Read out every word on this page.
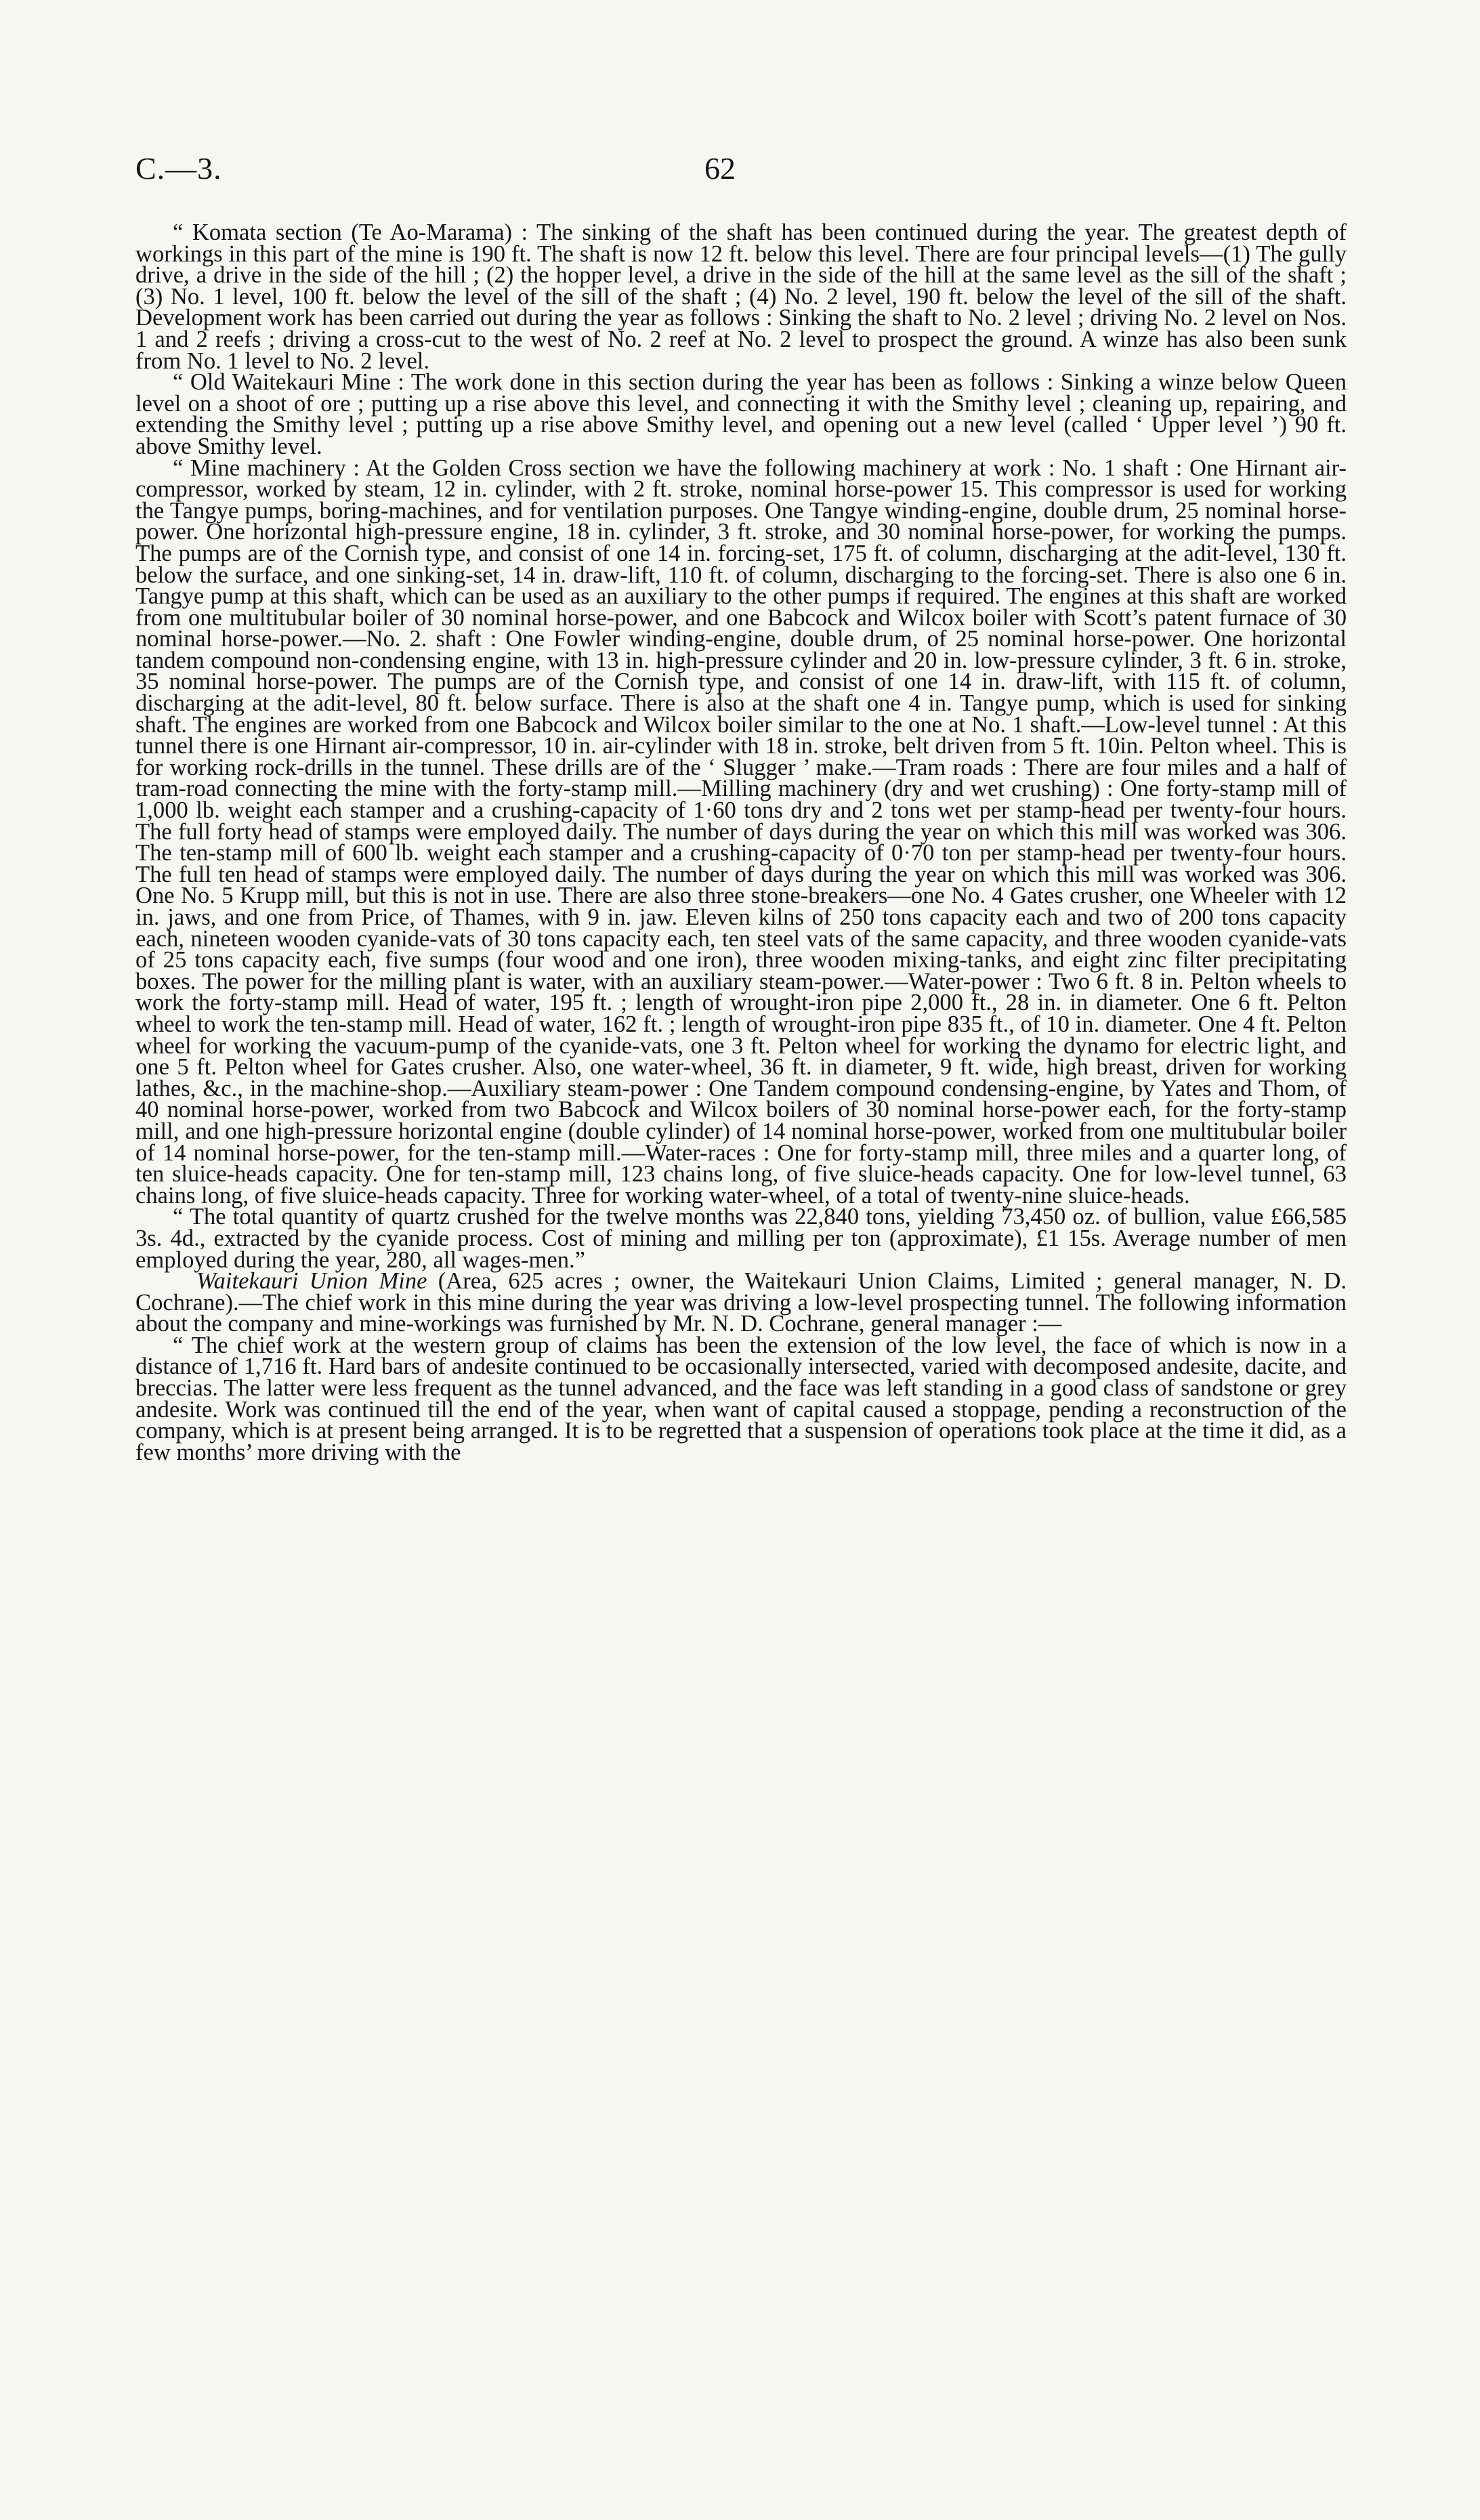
C.—3.	62

“ Komata section (Te Ao-Marama) : The sinking of the shaft has been continued during the year. The greatest depth of workings in this part of the mine is 190 ft. The shaft is now 12 ft. below this level. There are four principal levels—(1) The gully drive, a drive in the side of the hill ; (2) the hopper level, a drive in the side of the hill at the same level as the sill of the shaft ; (3) No. 1 level, 100 ft. below the level of the sill of the shaft ; (4) No. 2 level, 190 ft. below the level of the sill of the shaft. Development work has been carried out during the year as follows : Sinking the shaft to No. 2 level ; driving No. 2 level on Nos. 1 and 2 reefs ; driving a cross-cut to the west of No. 2 reef at No. 2 level to prospect the ground. A winze has also been sunk from No. 1 level to No. 2 level.

“ Old Waitekauri Mine : The work done in this section during the year has been as follows : Sinking a winze below Queen level on a shoot of ore ; putting up a rise above this level, and connecting it with the Smithy level ; cleaning up, repairing, and extending the Smithy level ; putting up a rise above Smithy level, and opening out a new level (called ‘ Upper level ’) 90 ft. above Smithy level.

“ Mine machinery : At the Golden Cross section we have the following machinery at work : No. 1 shaft : One Hirnant air-compressor, worked by steam, 12 in. cylinder, with 2 ft. stroke, nominal horse-power 15. This compressor is used for working the Tangye pumps, boring-machines, and for ventilation purposes. One Tangye winding-engine, double drum, 25 nominal horse-power. One horizontal high-pressure engine, 18 in. cylinder, 3 ft. stroke, and 30 nominal horse-power, for working the pumps. The pumps are of the Cornish type, and consist of one 14 in. forcing-set, 175 ft. of column, discharging at the adit-level, 130 ft. below the surface, and one sinking-set, 14 in. draw-lift, 110 ft. of column, discharging to the forcing-set. There is also one 6 in. Tangye pump at this shaft, which can be used as an auxiliary to the other pumps if required. The engines at this shaft are worked from one multitubular boiler of 30 nominal horse-power, and one Babcock and Wilcox boiler with Scott’s patent furnace of 30 nominal horse-power.—No. 2. shaft : One Fowler winding-engine, double drum, of 25 nominal horse-power. One horizontal tandem compound non-condensing engine, with 13 in. high-pressure cylinder and 20 in. low-pressure cylinder, 3 ft. 6 in. stroke, 35 nominal horse-power. The pumps are of the Cornish type, and consist of one 14 in. draw-lift, with 115 ft. of column, discharging at the adit-level, 80 ft. below surface. There is also at the shaft one 4 in. Tangye pump, which is used for sinking shaft. The engines are worked from one Babcock and Wilcox boiler similar to the one at No. 1 shaft.—Low-level tunnel : At this tunnel there is one Hirnant air-compressor, 10 in. air-cylinder with 18 in. stroke, belt driven from 5 ft. 10in. Pelton wheel. This is for working rock-drills in the tunnel. These drills are of the ‘ Slugger ’ make.—Tram roads : There are four miles and a half of tram-road connecting the mine with the forty-stamp mill.—Milling machinery (dry and wet crushing) : One forty-stamp mill of 1,000 lb. weight each stamper and a crushing-capacity of 1·60 tons dry and 2 tons wet per stamp-head per twenty-four hours. The full forty head of stamps were employed daily. The number of days during the year on which this mill was worked was 306. The ten-stamp mill of 600 lb. weight each stamper and a crushing-capacity of 0·70 ton per stamp-head per twenty-four hours. The full ten head of stamps were employed daily. The number of days during the year on which this mill was worked was 306. One No. 5 Krupp mill, but this is not in use. There are also three stone-breakers—one No. 4 Gates crusher, one Wheeler with 12 in. jaws, and one from Price, of Thames, with 9 in. jaw. Eleven kilns of 250 tons capacity each and two of 200 tons capacity each, nineteen wooden cyanide-vats of 30 tons capacity each, ten steel vats of the same capacity, and three wooden cyanide-vats of 25 tons capacity each, five sumps (four wood and one iron), three wooden mixing-tanks, and eight zinc filter precipitating boxes. The power for the milling plant is water, with an auxiliary steam-power.—Water-power : Two 6 ft. 8 in. Pelton wheels to work the forty-stamp mill. Head of water, 195 ft. ; length of wrought-iron pipe 2,000 ft., 28 in. in diameter. One 6 ft. Pelton wheel to work the ten-stamp mill. Head of water, 162 ft. ; length of wrought-iron pipe 835 ft., of 10 in. diameter. One 4 ft. Pelton wheel for working the vacuum-pump of the cyanide-vats, one 3 ft. Pelton wheel for working the dynamo for electric light, and one 5 ft. Pelton wheel for Gates crusher. Also, one water-wheel, 36 ft. in diameter, 9 ft. wide, high breast, driven for working lathes, &c., in the machine-shop.—Auxiliary steam-power : One Tandem compound condensing-engine, by Yates and Thom, of 40 nominal horse-power, worked from two Babcock and Wilcox boilers of 30 nominal horse-power each, for the forty-stamp mill, and one high-pressure horizontal engine (double cylinder) of 14 nominal horse-power, worked from one multitubular boiler of 14 nominal horse-power, for the ten-stamp mill.—Water-races : One for forty-stamp mill, three miles and a quarter long, of ten sluice-heads capacity. One for ten-stamp mill, 123 chains long, of five sluice-heads capacity. One for low-level tunnel, 63 chains long, of five sluice-heads capacity. Three for working water-wheel, of a total of twenty-nine sluice-heads.

“ The total quantity of quartz crushed for the twelve months was 22,840 tons, yielding 73,450 oz. of bullion, value £66,585 3s. 4d., extracted by the cyanide process. Cost of mining and milling per ton (approximate), £1 15s. Average number of men employed during the year, 280, all wages-men.”

Waitekauri Union Mine (Area, 625 acres ; owner, the Waitekauri Union Claims, Limited ; general manager, N. D. Cochrane).—The chief work in this mine during the year was driving a low-level prospecting tunnel. The following information about the company and mine-workings was furnished by Mr. N. D. Cochrane, general manager :—

“ The chief work at the western group of claims has been the extension of the low level, the face of which is now in a distance of 1,716 ft. Hard bars of andesite continued to be occasionally intersected, varied with decomposed andesite, dacite, and breccias. The latter were less frequent as the tunnel advanced, and the face was left standing in a good class of sandstone or grey andesite. Work was continued till the end of the year, when want of capital caused a stoppage, pending a reconstruction of the company, which is at present being arranged. It is to be regretted that a suspension of operations took place at the time it did, as a few months’ more driving with the
